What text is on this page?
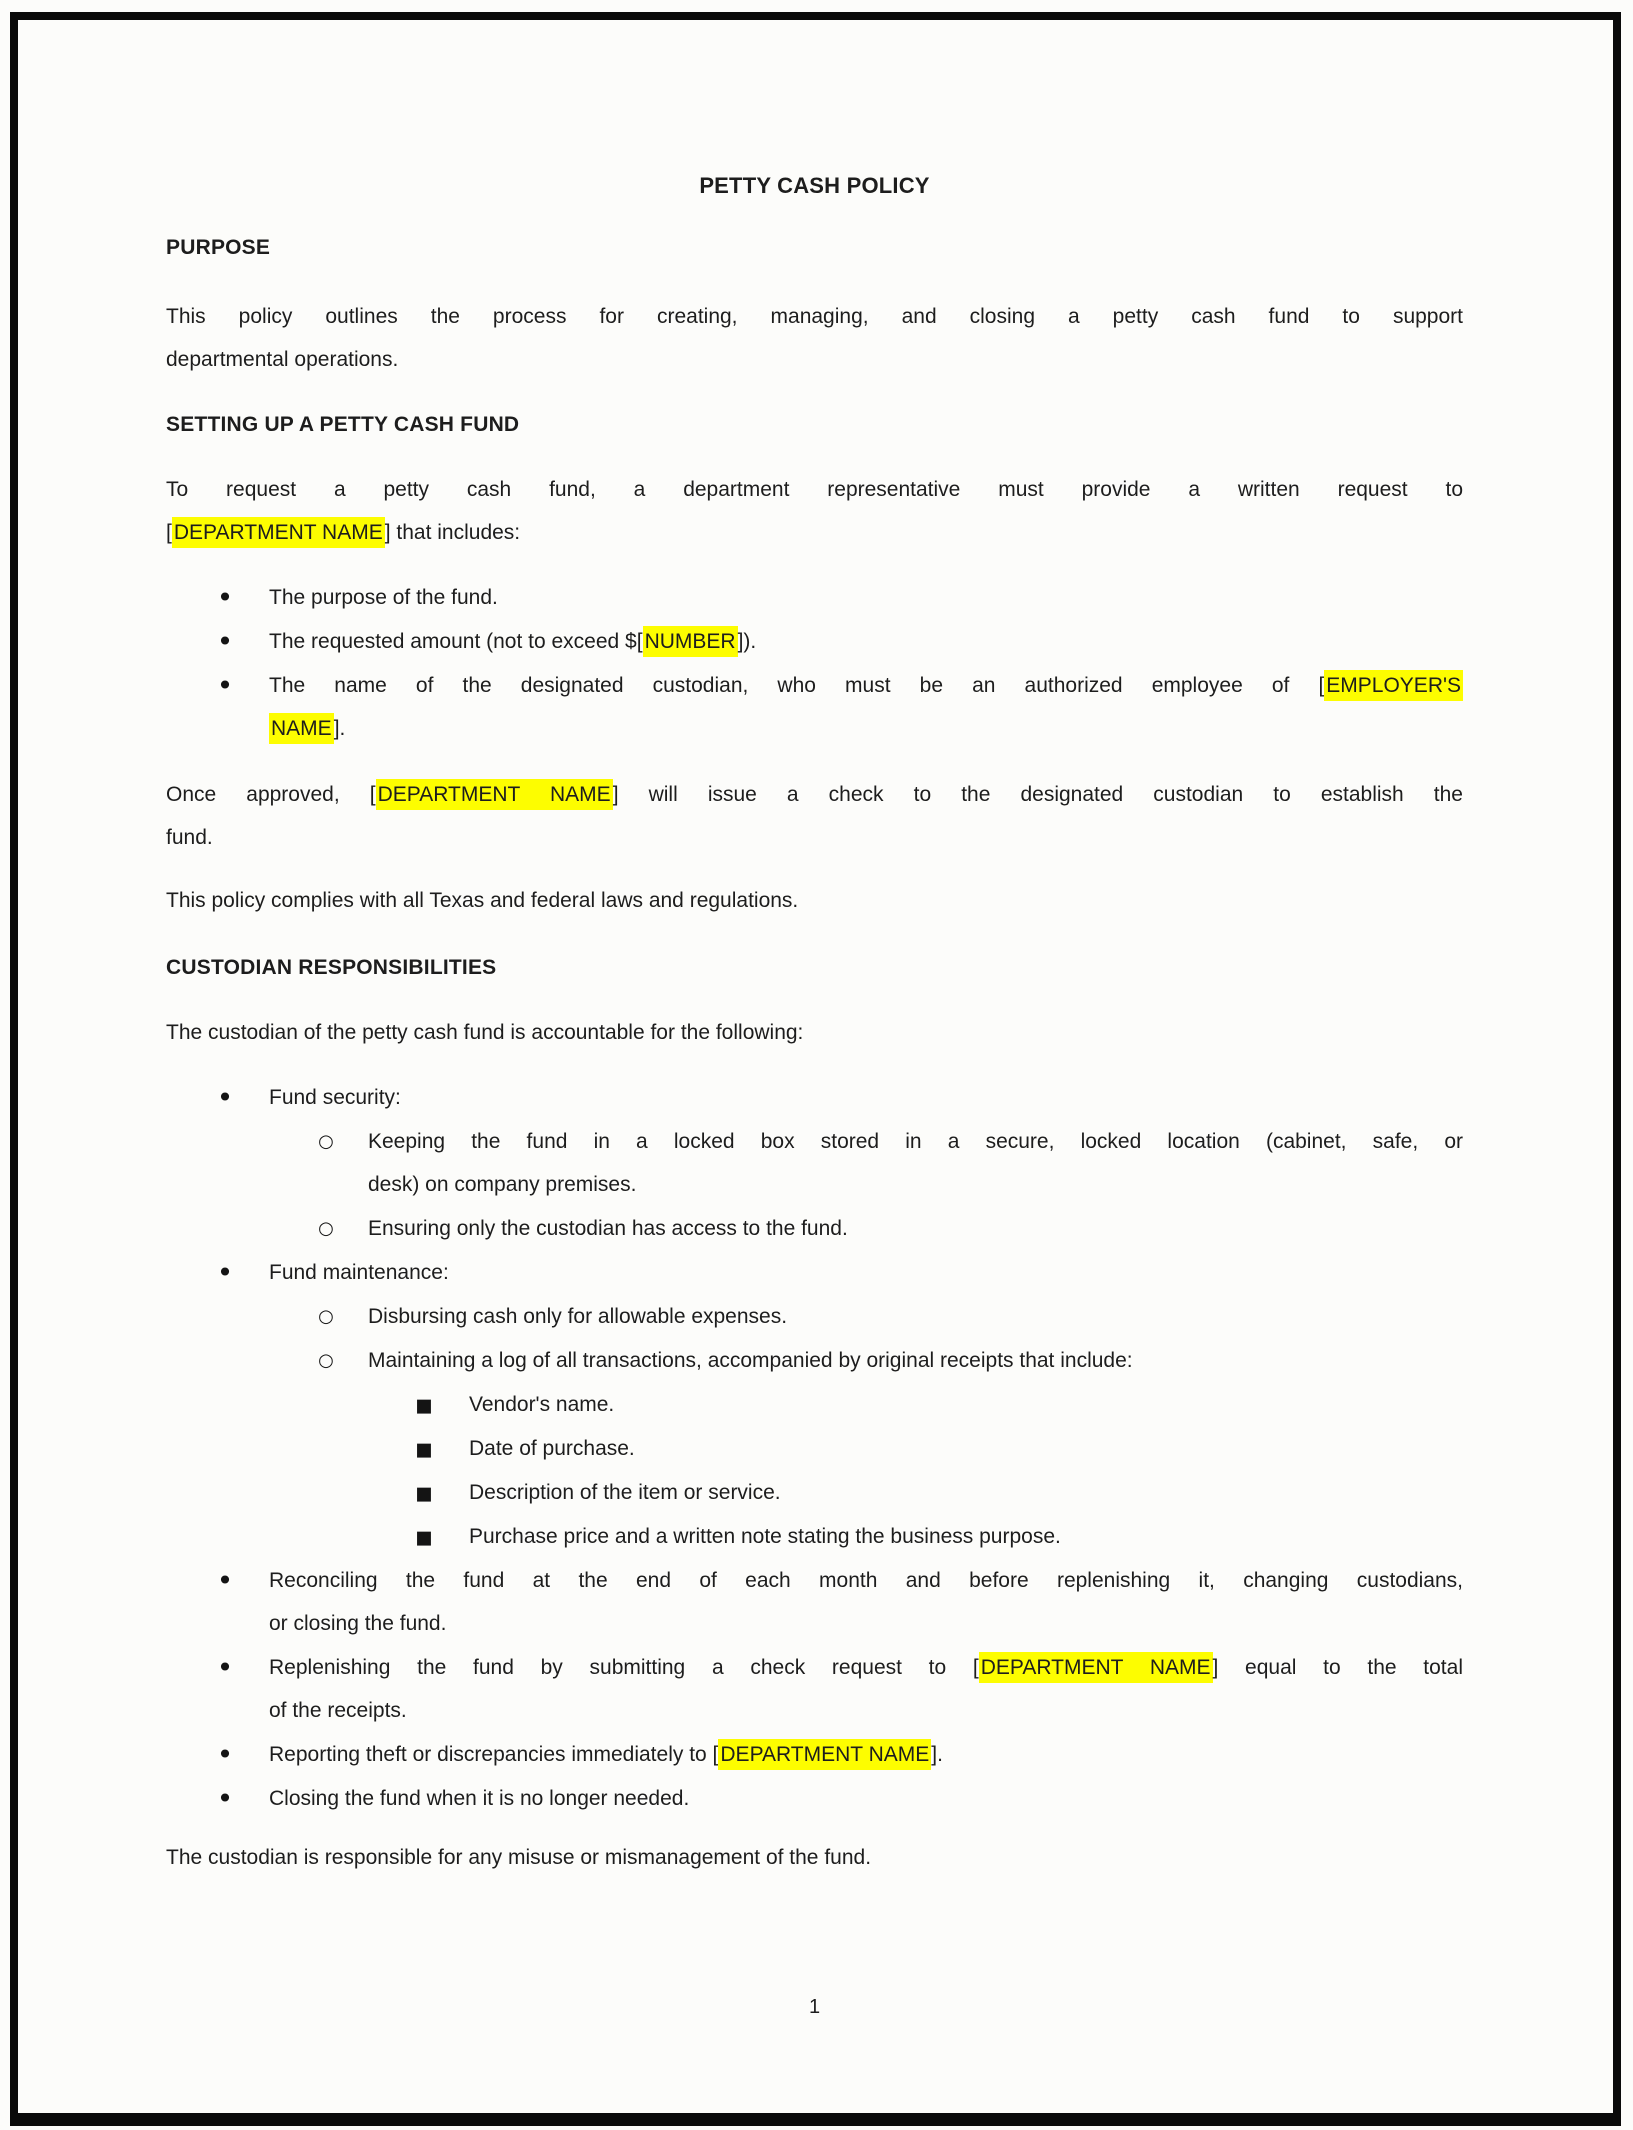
PETTY CASH POLICY
PURPOSE
This policy outlines the process for creating, managing, and closing a petty cash fund to support
departmental operations.
SETTING UP A PETTY CASH FUND
To request a petty cash fund, a department representative must provide a written request to
[DEPARTMENT NAME] that includes:
• The purpose of the fund.
• The requested amount (not to exceed $[NUMBER]).
• The name of the designated custodian, who must be an authorized employee of [EMPLOYER'S
NAME].
Once approved, [DEPARTMENT NAME] will issue a check to the designated custodian to establish the
fund.
This policy complies with all Texas and federal laws and regulations.
CUSTODIAN RESPONSIBILITIES
The custodian of the petty cash fund is accountable for the following:
• Fund security:
○ Keeping the fund in a locked box stored in a secure, locked location (cabinet, safe, or
desk) on company premises.
○ Ensuring only the custodian has access to the fund.
• Fund maintenance:
○ Disbursing cash only for allowable expenses.
○ Maintaining a log of all transactions, accompanied by original receipts that include:
▪ Vendor's name.
▪ Date of purchase.
▪ Description of the item or service.
▪ Purchase price and a written note stating the business purpose.
• Reconciling the fund at the end of each month and before replenishing it, changing custodians,
or closing the fund.
• Replenishing the fund by submitting a check request to [DEPARTMENT NAME] equal to the total
of the receipts.
• Reporting theft or discrepancies immediately to [DEPARTMENT NAME].
• Closing the fund when it is no longer needed.
The custodian is responsible for any misuse or mismanagement of the fund.
1
